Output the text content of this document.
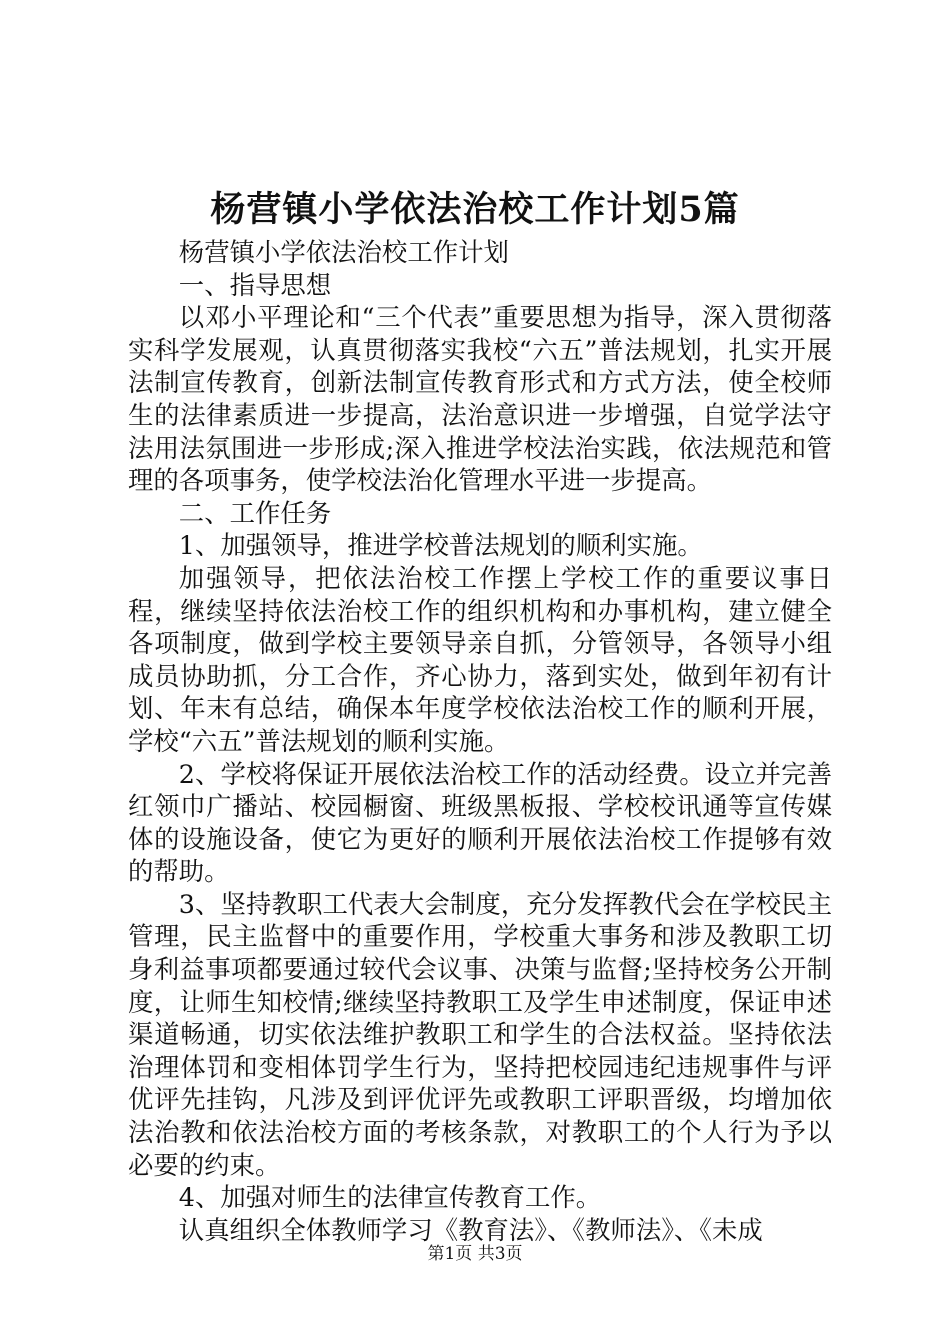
杨营镇小学依法治校工作计划5篇

杨营镇小学依法治校工作计划

一、指导思想

以邓小平理论和“三个代表”重要思想为指导，深入贯彻落实科学发展观，认真贯彻落实我校“六五”普法规划，扎实开展法制宣传教育，创新法制宣传教育形式和方式方法，使全校师生的法律素质进一步提高，法治意识进一步增强，自觉学法守法用法氛围进一步形成;深入推进学校法治实践，依法规范和管理的各项事务，使学校法治化管理水平进一步提高。

二、工作任务

1、加强领导，推进学校普法规划的顺利实施。

加强领导，把依法治校工作摆上学校工作的重要议事日程，继续坚持依法治校工作的组织机构和办事机构，建立健全各项制度，做到学校主要领导亲自抓，分管领导，各领导小组成员协助抓，分工合作，齐心协力，落到实处，做到年初有计划、年末有总结，确保本年度学校依法治校工作的顺利开展，学校“六五”普法规划的顺利实施。

2、学校将保证开展依法治校工作的活动经费。设立并完善红领巾广播站、校园橱窗、班级黑板报、学校校讯通等宣传媒体的设施设备，使它为更好的顺利开展依法治校工作提够有效的帮助。

3、坚持教职工代表大会制度，充分发挥教代会在学校民主管理，民主监督中的重要作用，学校重大事务和涉及教职工切身利益事项都要通过较代会议事、决策与监督;坚持校务公开制度，让师生知校情;继续坚持教职工及学生申述制度，保证申述渠道畅通，切实依法维护教职工和学生的合法权益。坚持依法治理体罚和变相体罚学生行为，坚持把校园违纪违规事件与评优评先挂钩，凡涉及到评优评先或教职工评职晋级，均增加依法治教和依法治校方面的考核条款，对教职工的个人行为予以必要的约束。

4、加强对师生的法律宣传教育工作。

认真组织全体教师学习《教育法》、《教师法》、《未成

第1页 共3页
